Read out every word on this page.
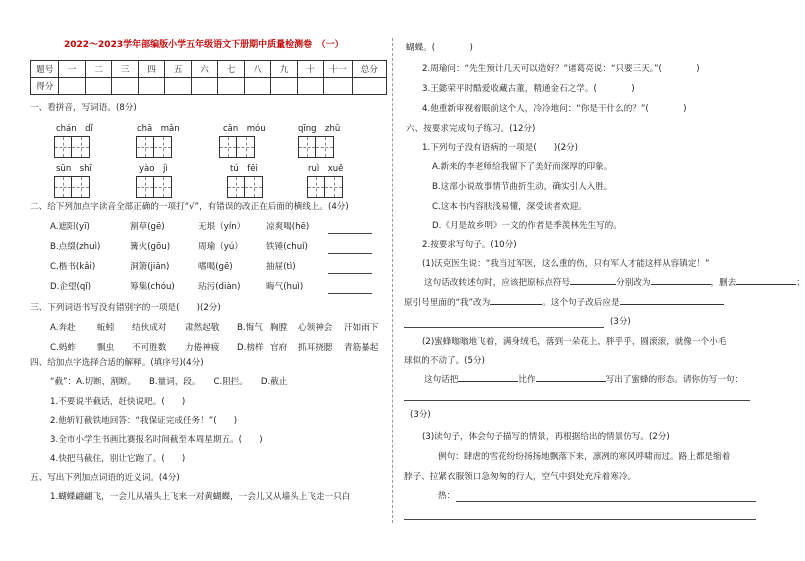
2022～2023学年部编版小学五年级语文下册期中质量检测卷　（一）
题号	一	二	三	四	五	六	七	八	九	十	十一	总分
得分												
一、看拼音，写词语。(8分)
chán　dǐ	chā　mǎn	cān　móu	qīng　zhǔ
sūn　shī	yào　jì	tú　fēi	ruì　xuě
二、给下列加点字读音全部正确的一项打“√”，有错误的改正在后面的横线上。(4分)
A.遮阳(yī)	割草(gē)	无垠（yín） 凉爽喝(hē)
B.点缀(zhuì)	篝火(gōu)	周瑜（yú）	铁锤(chuí)
C.楷书(kǎi)	洞箫(jiān)	嗜喝(gē)	抽屉(tì)
D.企望(qǐ)	筹集(chóu)	玷污(diàn)	晦气(huì)
三、下列词语书写没有错别字的一项是(　　)(2分)
A.奔赴 蚯蚓 结伙成对 肃然起敬 B.悔气 胸膛 心领神会 汗如雨下
C.蚂蚱 飘虫 不可胜数 力倦神疲 D.榜样 官府 抓耳挠腮 青筋暴起
四、给加点字选择合适的解释。(填序号)(4分)
“截”：A.切断，割断。　　B.量词，段。　　C.阻拦。　　D.截止
1.不要说半截话，赶快说吧。(　　)
2.他斩钉截铁地回答：“我保证完成任务！”(　　)
3.全市小学生书画比赛报名时间截至本周星期五。(　　)
4.快把马截住，别让它跑了。(　　)
五、写出下列加点词语的近义词。(4分)
1.蝴蝶翩翩飞，一会儿从墙头上飞来一对黄蝴蝶，一会儿又从墙头上飞走一只白
蝴蝶。(　　　　)
2.周瑜问：“先生预计几天可以造好？”诸葛亮说：“只要三天。”(　　　　)
3.王懿荣平时酷爱收藏古董，精通金石之学。(　　　　)
4.他重新审视着眼前这个人，冷冷地问：“你是干什么的？”(　　　　)
六、按要求完成句子练习。(12分)
1.下列句子没有语病的一项是(　　)(2分)
A.新来的李老师给我留下了美好而深厚的印象。
B.这部小说故事情节曲折生动，确实引人入胜。
C.这本书内容肤浅易懂，深受读者欢迎。
D.《月是故乡明》一文的作者是季羡林先生写的。
2.按要求写句子。(10分)
(1)沃克医生说：“我当过军医，这么重的伤，只有军人才能这样从容镇定！”
这句话改转述句时，应该把原标点符号	分别改为	，删去	；
原引号里面的“我”改为	。这个句子改后应是
(3分)
(2)蜜蜂嗡嗡地飞着，满身绒毛，落到一朵花上，胖乎乎，圆滚滚，就像一个小毛
球似的不动了。(5分)
这句话把	比作	写出了蜜蜂的形态。请你仿写一句：
(3分)
(3)读句子，体会句子描写的情景，再根据给出的情景仿写。(2分)
例句：肆虐的雪花纷纷扬扬地飘落下来，凛冽的寒风呼啸而过。路上都是缩着
脖子、拉紧衣服领口急匆匆的行人，空气中到处充斥着寒冷。
热：
